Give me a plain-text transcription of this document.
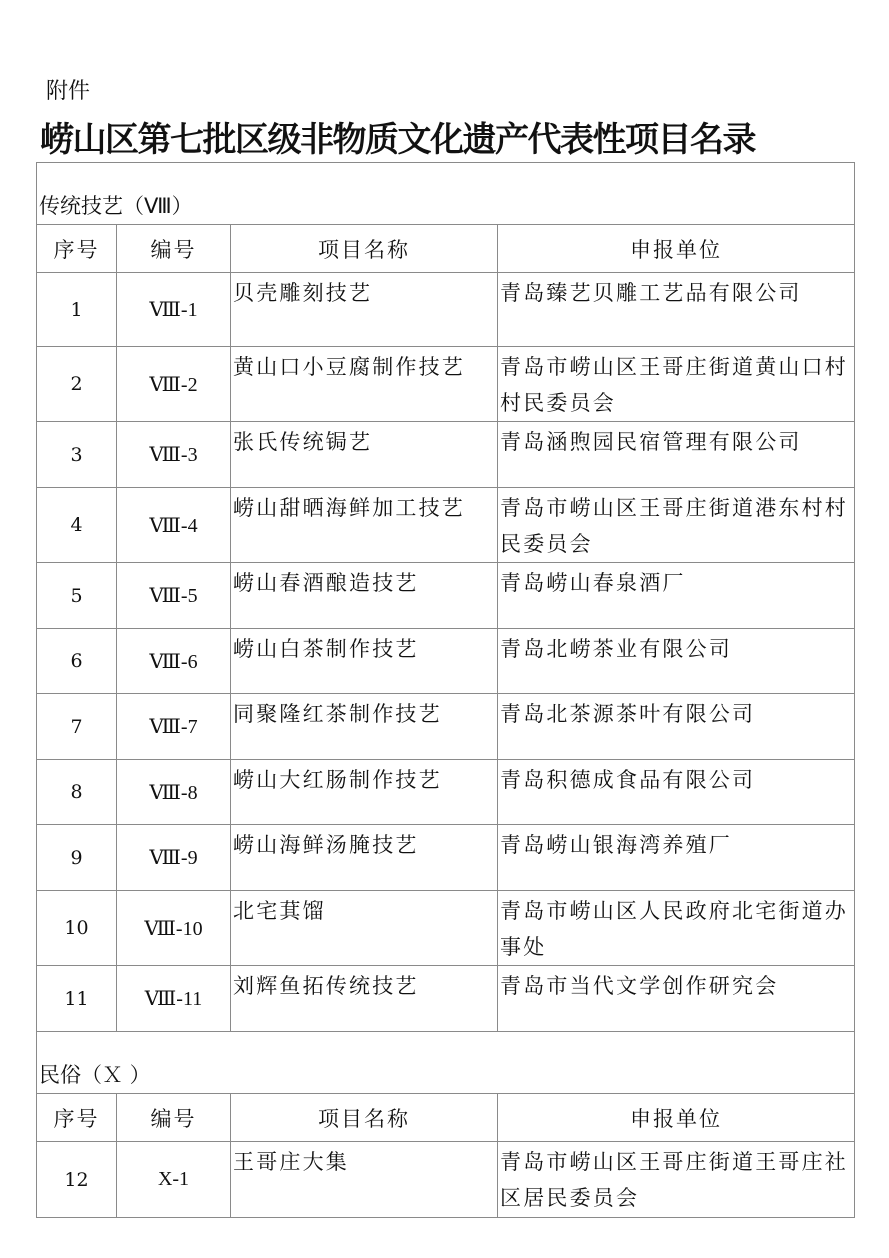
附件
崂山区第七批区级非物质文化遗产代表性项目名录
传统技艺（Ⅷ）			
序号	编号	项目名称	申报单位
1	Ⅷ-1	贝壳雕刻技艺	青岛臻艺贝雕工艺品有限公司
2	Ⅷ-2	黄山口小豆腐制作技艺	青岛市崂山区王哥庄街道黄山口村村民委员会
3	Ⅷ-3	张氏传统锔艺	青岛涵煦园民宿管理有限公司
4	Ⅷ-4	崂山甜晒海鲜加工技艺	青岛市崂山区王哥庄街道港东村村民委员会
5	Ⅷ-5	崂山春酒酿造技艺	青岛崂山春泉酒厂
6	Ⅷ-6	崂山白茶制作技艺	青岛北崂茶业有限公司
7	Ⅷ-7	同聚隆红茶制作技艺	青岛北茶源茶叶有限公司
8	Ⅷ-8	崂山大红肠制作技艺	青岛积德成食品有限公司
9	Ⅷ-9	崂山海鲜汤腌技艺	青岛崂山银海湾养殖厂
10	Ⅷ-10	北宅萁馏	青岛市崂山区人民政府北宅街道办事处
11	Ⅷ-11	刘辉鱼拓传统技艺	青岛市当代文学创作研究会
民俗（Ｘ ）			
序号	编号	项目名称	申报单位
12	X-1	王哥庄大集	青岛市崂山区王哥庄街道王哥庄社区居民委员会
